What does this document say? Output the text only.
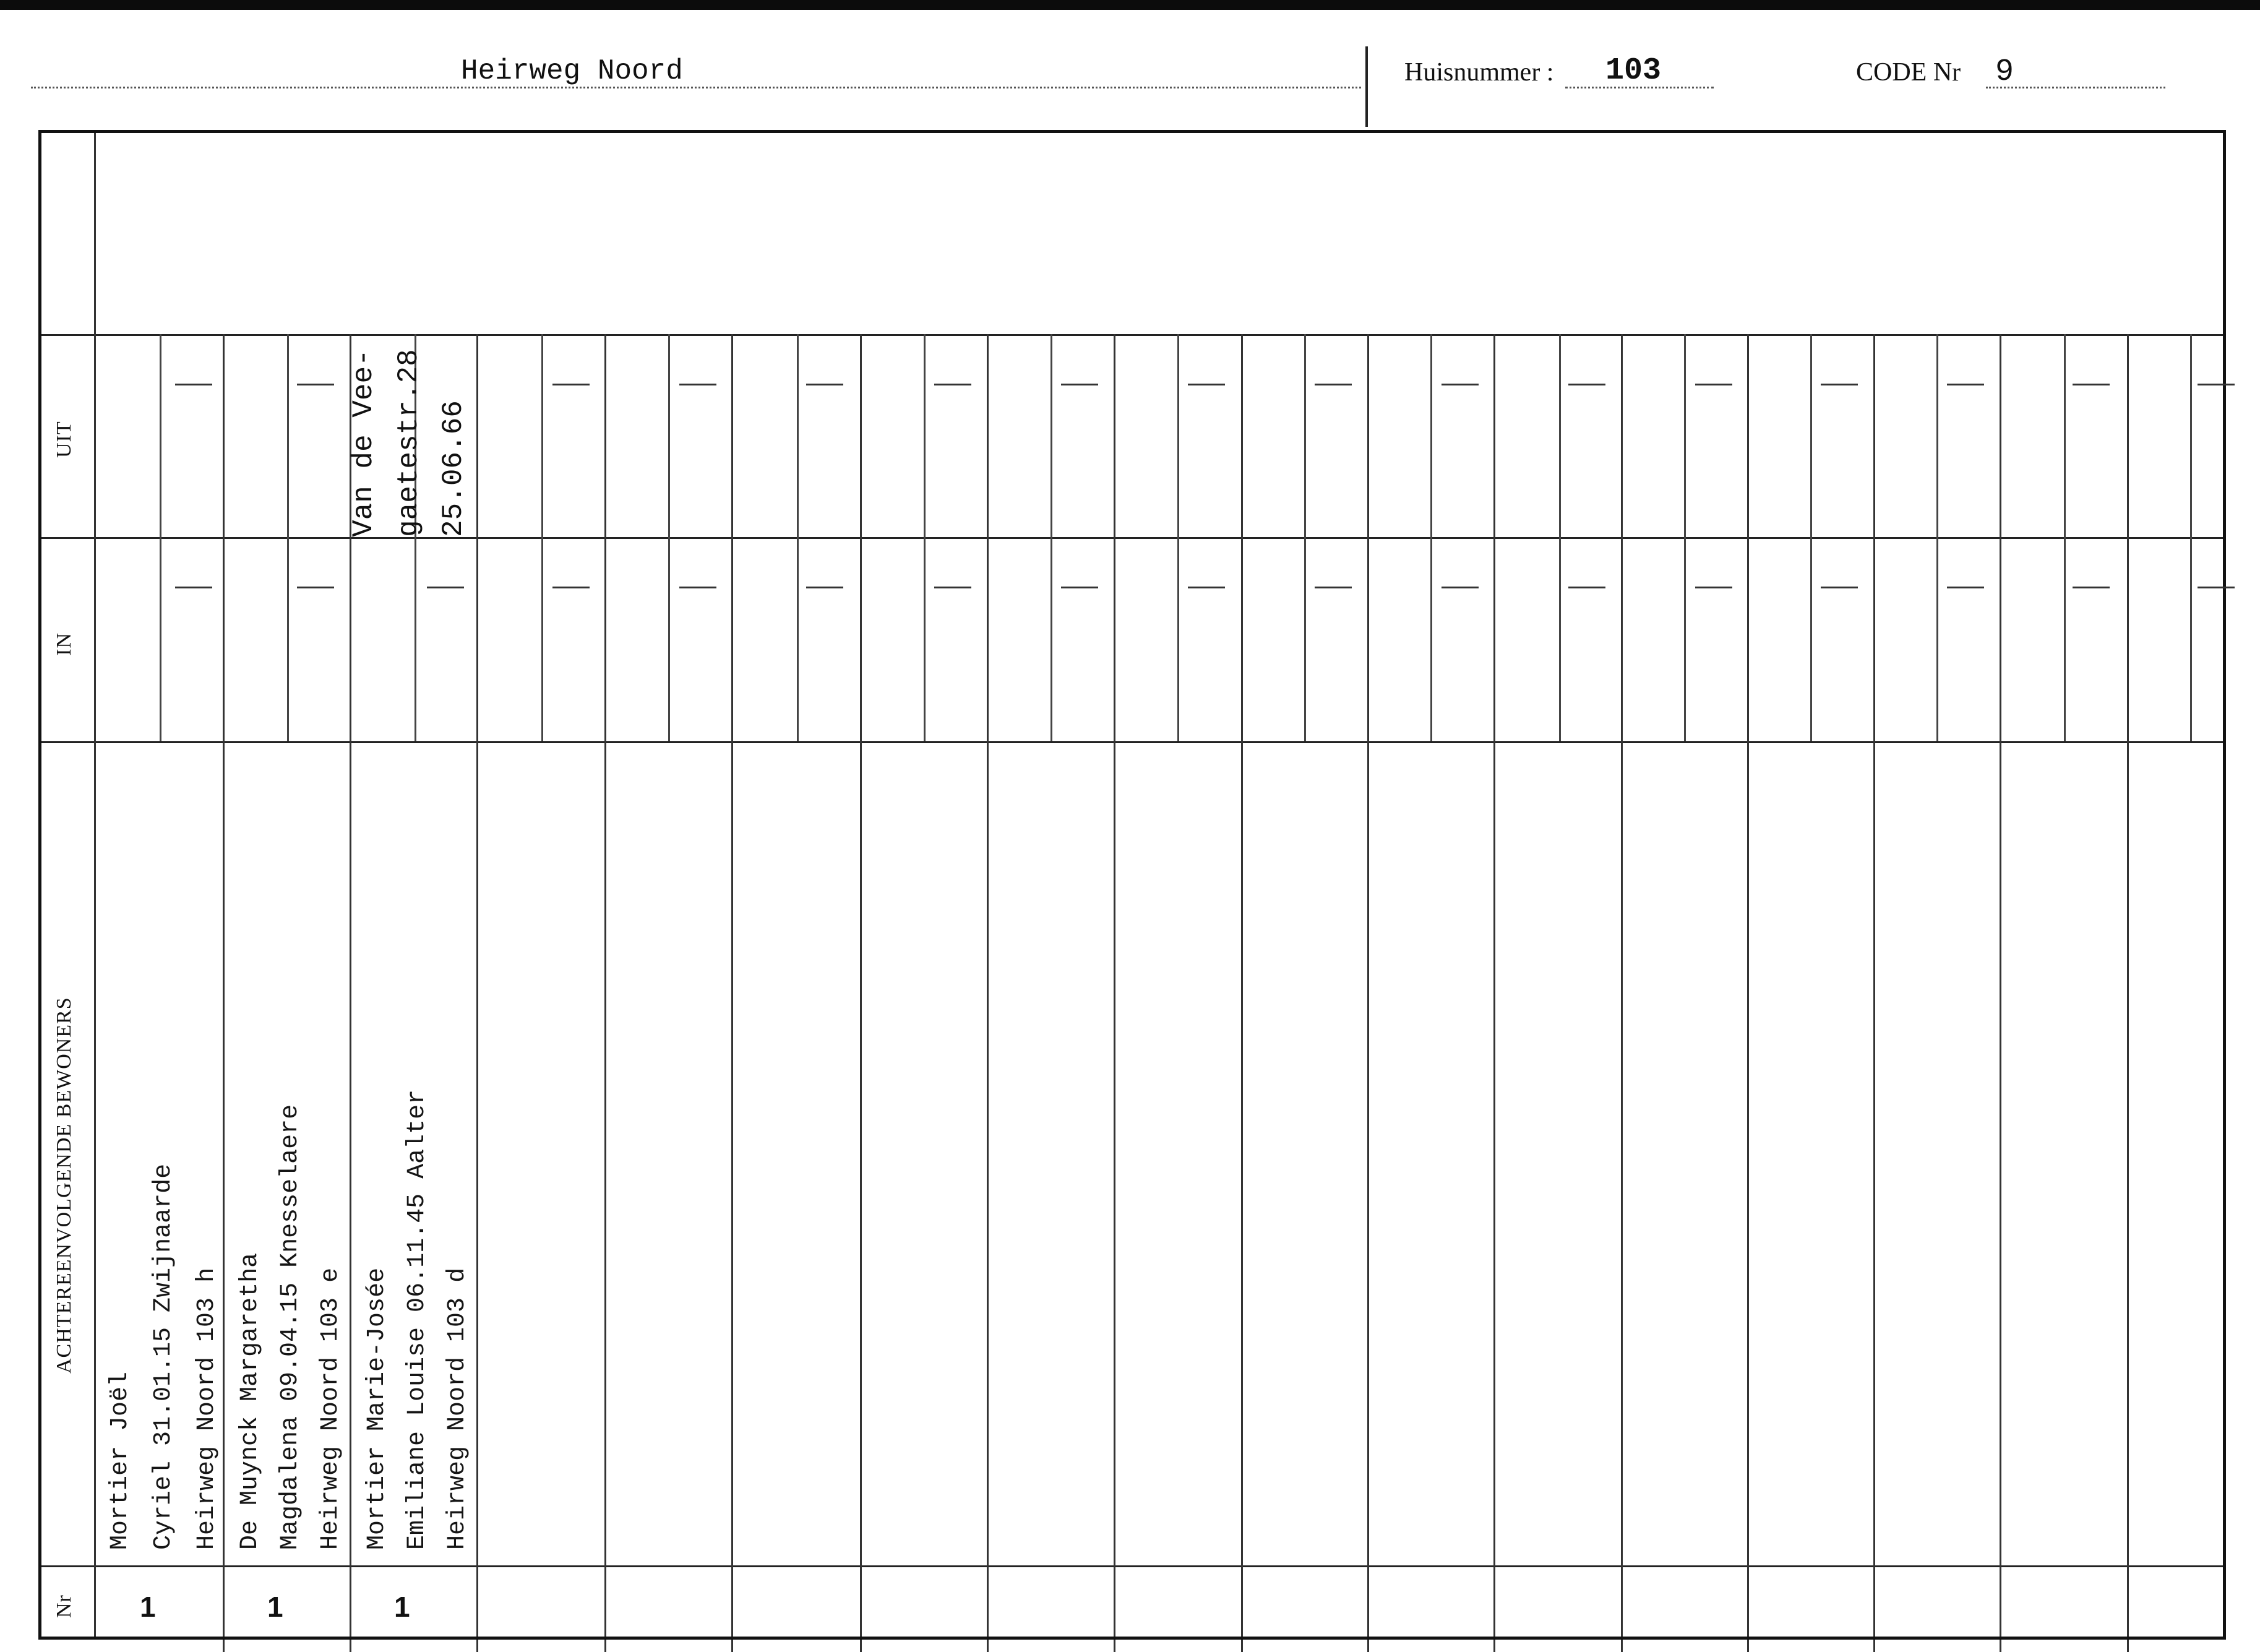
Heirweg Noord	Huisnummer : 103	CODE Nr 9
UIT
IN
ACHTEREENVOLGENDE BEWONERS
Nr
Mortier Joël Cyriel 31.01.15 Zwijnaarde Heirweg Noord 103 h
1
De Muynck Margaretha Magdalena 09.04.15 Knesselaere Heirweg Noord 103 e
1
Mortier Marie-Josée Emiliane Louise 06.11.45 Aalter Heirweg Noord 103 d
1
Van de Vee- gaetestr.28 25.06.66
